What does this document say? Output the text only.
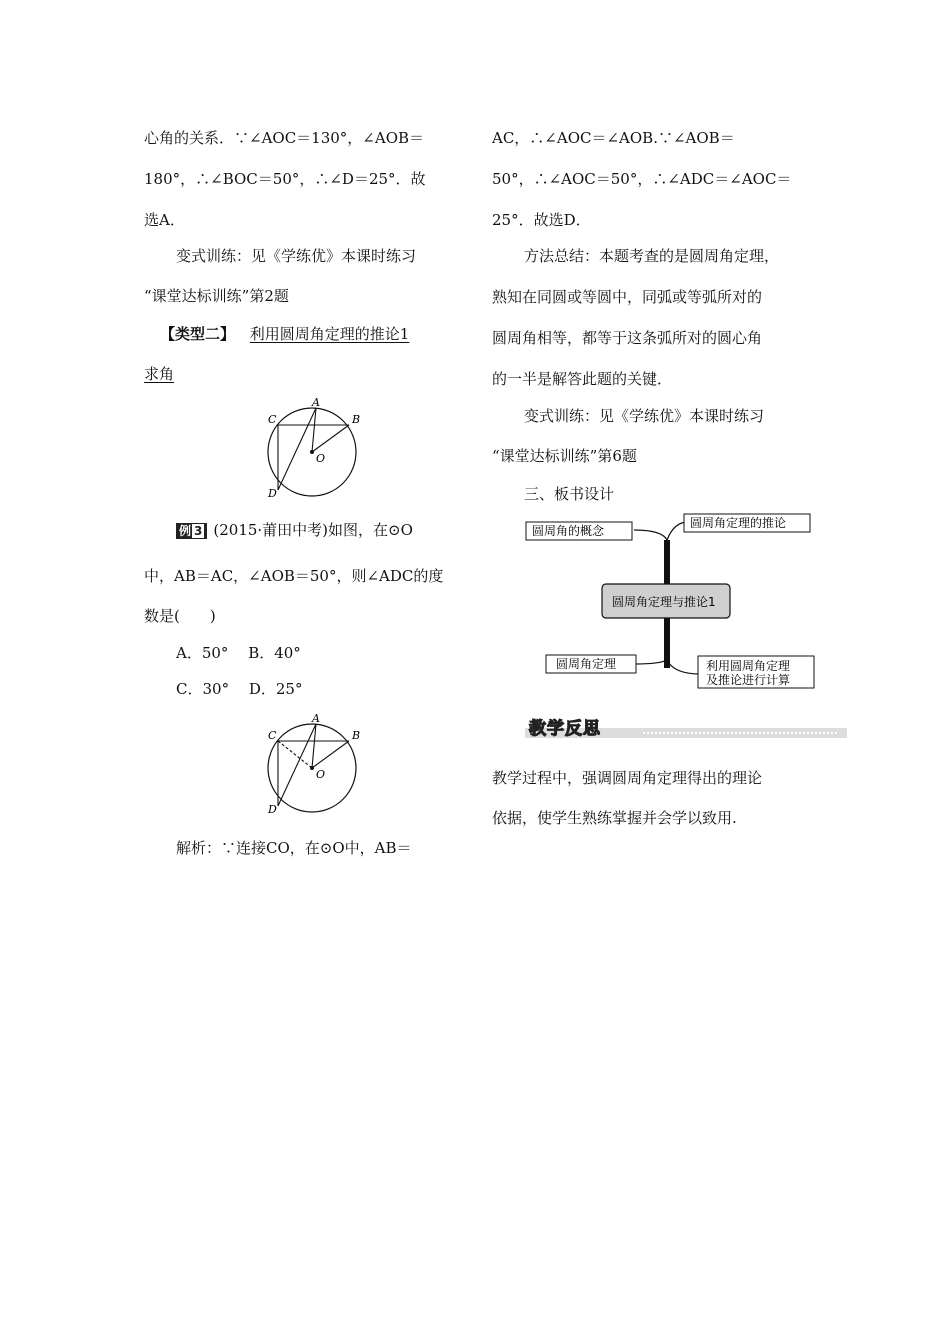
心角的关系．∵∠AOC＝130°，∠AOB＝
180°，∴∠BOC＝50°，∴∠D＝25°．故
选A．
变式训练：见《学练优》本课时练习
“课堂达标训练”第2题
【类型二】 利用圆周角定理的推论1
求角
A
B
C
D
O
例 3 (2015·莆田中考)如图，在⊙O
中，AB＝AC，∠AOB＝50°，则∠ADC的度
数是(　　)
A．50°　 B．40°
C．30°　 D．25°
A
B
C
D
O
解析：∵连接CO，在⊙O中，AB＝
AC，∴∠AOC＝∠AOB.∵∠AOB＝
50°，∴∠AOC＝50°，∴∠ADC＝∠AOC＝
25°．故选D．
方法总结：本题考查的是圆周角定理，
熟知在同圆或等圆中，同弧或等弧所对的
圆周角相等，都等于这条弧所对的圆心角
的一半是解答此题的关键．
变式训练：见《学练优》本课时练习
“课堂达标训练”第6题
三、板书设计
圆周角的概念
圆周角定理的推论
圆周角定理与推论1
圆周角定理	利用圆周角定理
及推论进行计算
教学反思
教学过程中，强调圆周角定理得出的理论
依据，使学生熟练掌握并会学以致用.
